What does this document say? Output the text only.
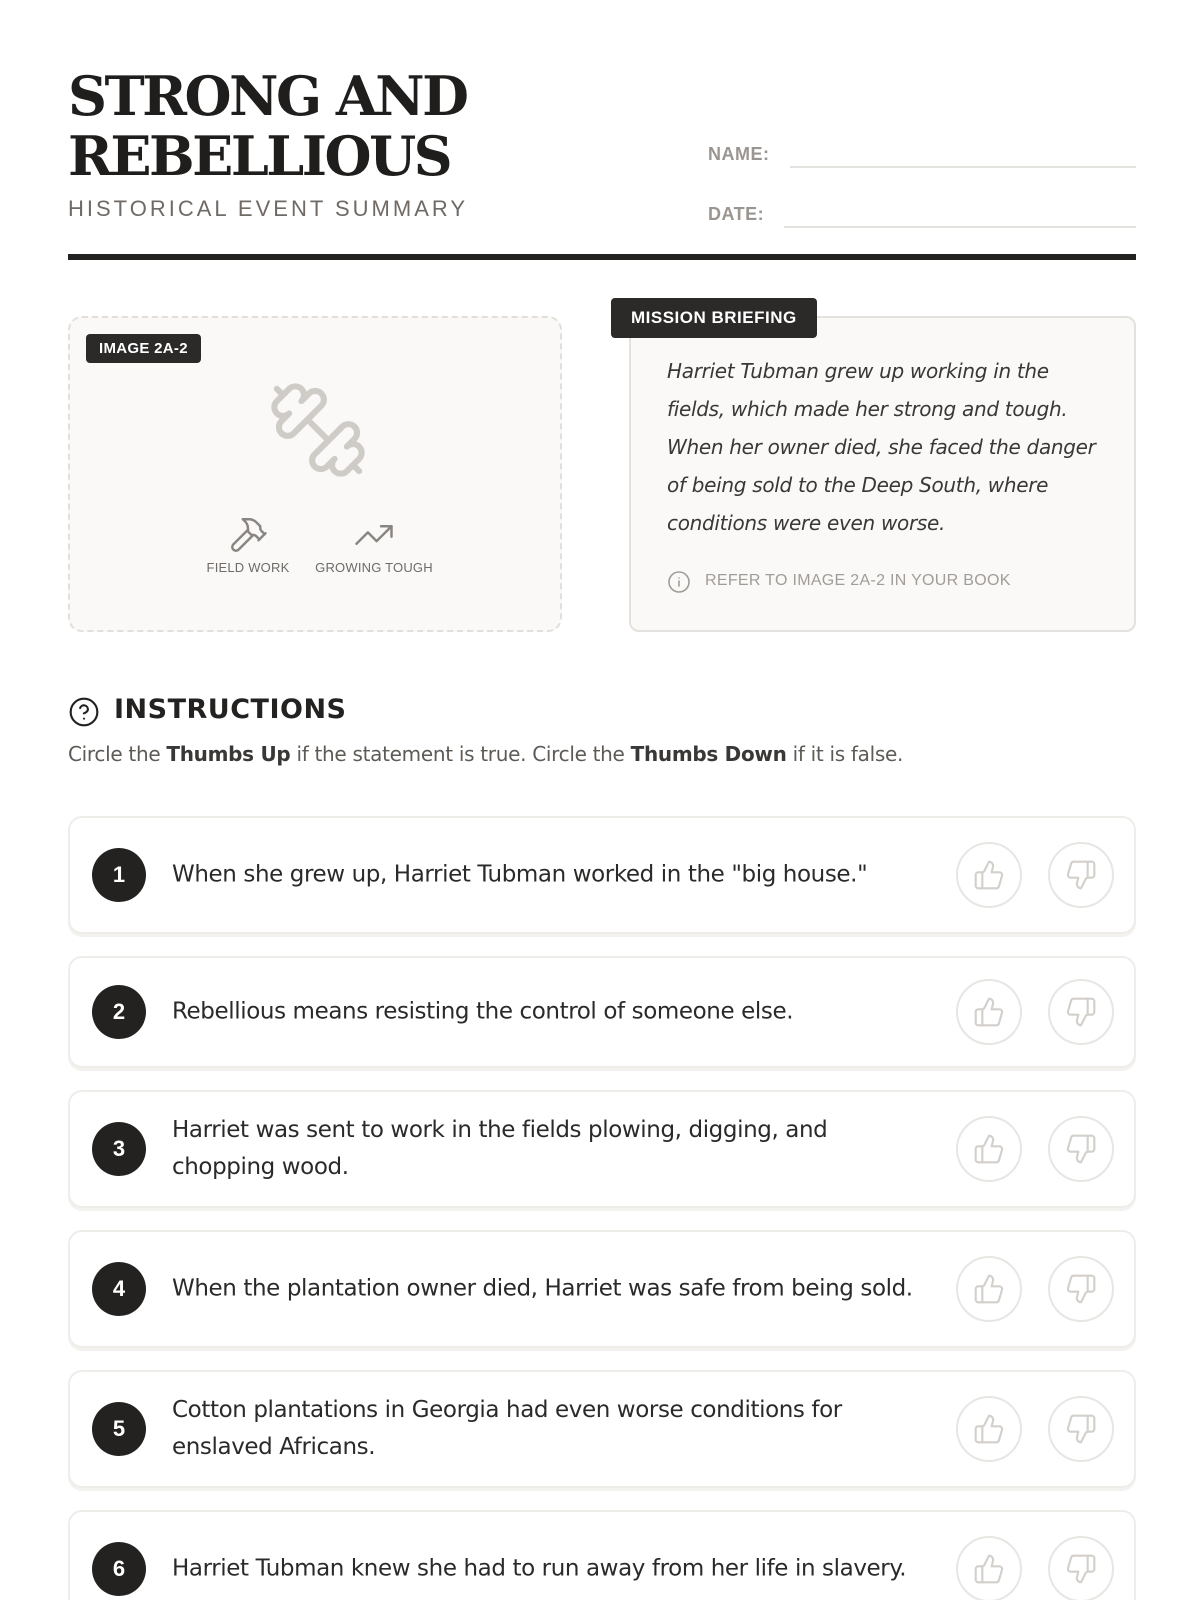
STRONG AND
REBELLIOUS
HISTORICAL EVENT SUMMARY
NAME:
DATE:
IMAGE 2A-2
FIELD WORK	GROWING TOUGH
MISSION BRIEFING

Harriet Tubman grew up working in the fields, which made her strong and tough. When her owner died, she faced the danger of being sold to the Deep South, where conditions were even worse.

REFER TO IMAGE 2A-2 IN YOUR BOOK
INSTRUCTIONS

Circle the Thumbs Up if the statement is true. Circle the Thumbs Down if it is false.

1	When she grew up, Harriet Tubman worked in the "big house."

2	Rebellious means resisting the control of someone else.

3

Harriet was sent to work in the fields plowing, digging, and chopping wood.

4	When the plantation owner died, Harriet was safe from being sold.

5

Cotton plantations in Georgia had even worse conditions for enslaved Africans.

6	Harriet Tubman knew she had to run away from her life in slavery.
